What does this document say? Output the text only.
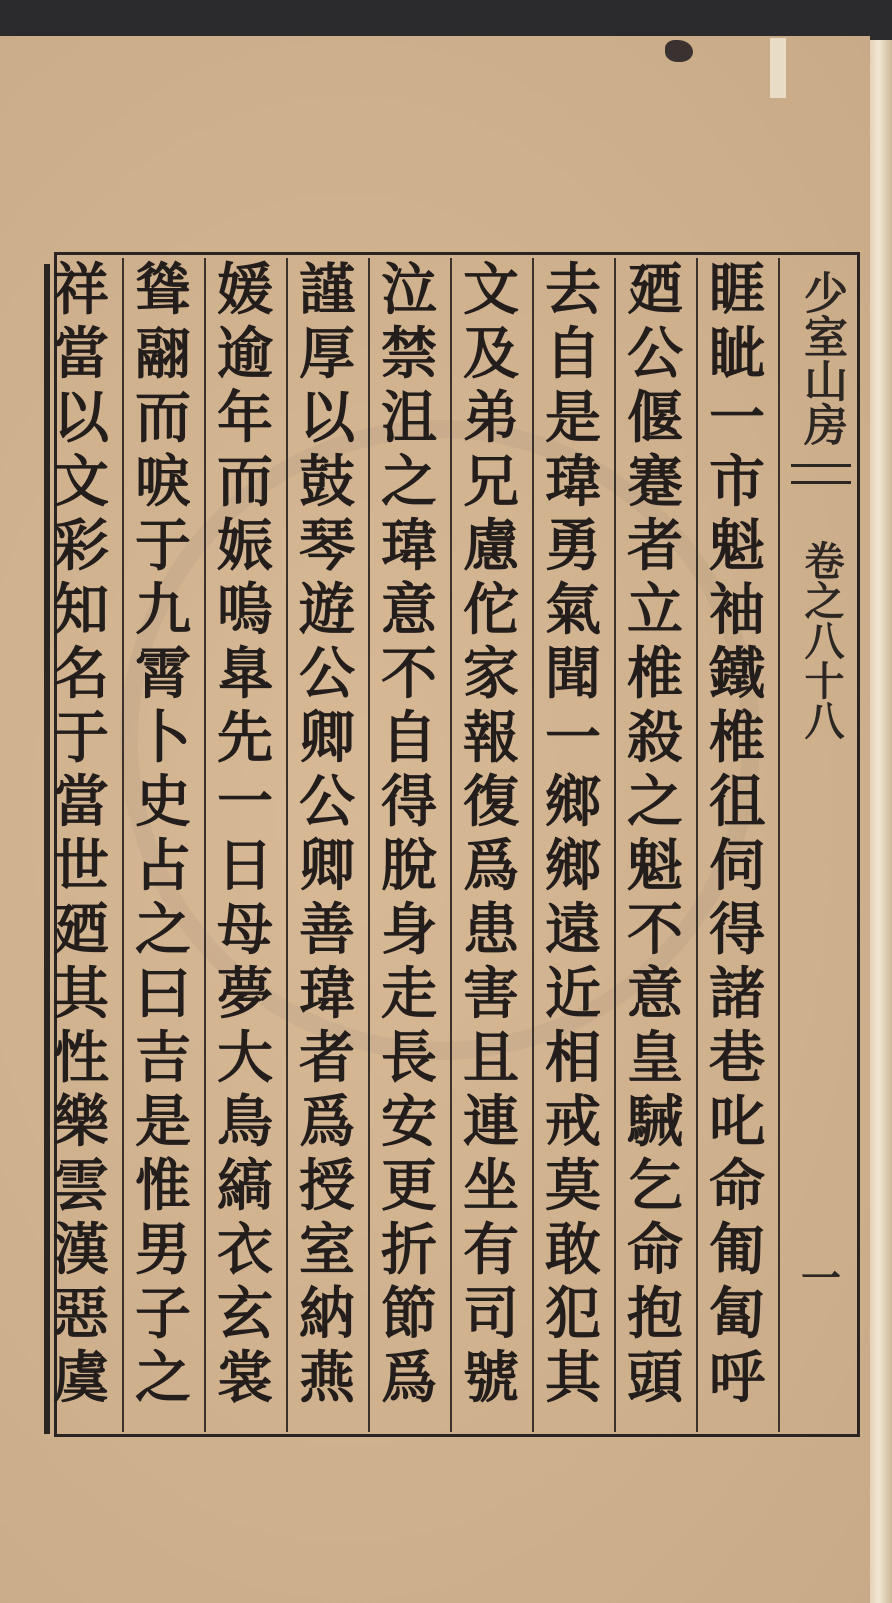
少室山房
卷之八十八
一
睚
眦
一
市
魁
袖
鐵
椎
徂
伺
得
諸
巷
叱
命
匍
匐
呼
廼
公
偃
蹇
者
立
椎
殺
之
魁
不
意
皇
駴
乞
命
抱
頭
去
自
是
瑋
勇
氣
聞
一
鄉
鄉
遠
近
相
戒
莫
敢
犯
其
文
及
弟
兄
慮
佗
家
報
復
爲
患
害
且
連
坐
有
司
號
泣
禁
沮
之
瑋
意
不
自
得
脫
身
走
長
安
更
折
節
爲
謹
厚
以
鼓
琴
遊
公
卿
公
卿
善
瑋
者
爲
授
室
納
燕
媛
逾
年
而
娠
嗚
臯
先
一
日
母
夢
大
鳥
縞
衣
玄
裳
聳
翮
而
唳
于
九
霄
卜
史
占
之
曰
吉
是
惟
男
子
之
祥
當
以
文
彩
知
名
于
當
世
廼
其
性
樂
雲
漢
惡
虞
